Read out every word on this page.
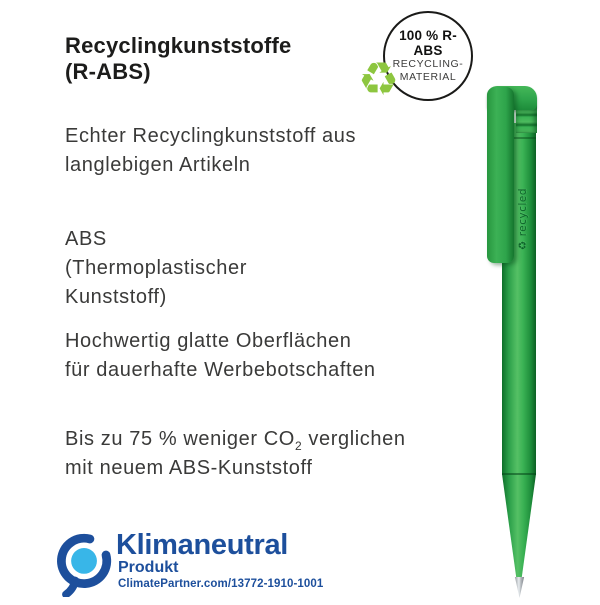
Recyclingkunststoffe
(R-ABS)
Echter Recyclingkunststoff aus
langlebigen Artikeln
ABS
(Thermoplastischer
Kunststoff)
Hochwertig glatte Oberflächen
für dauerhafte Werbebotschaften
Bis zu 75 % weniger $CO_2$ verglichen
mit neuem ABS-Kunststoff
100 % R-ABS
RECYCLING-
MATERIAL
♻
♻ recycled
Klimaneutral
Produkt
ClimatePartner.com/13772-1910-1001
